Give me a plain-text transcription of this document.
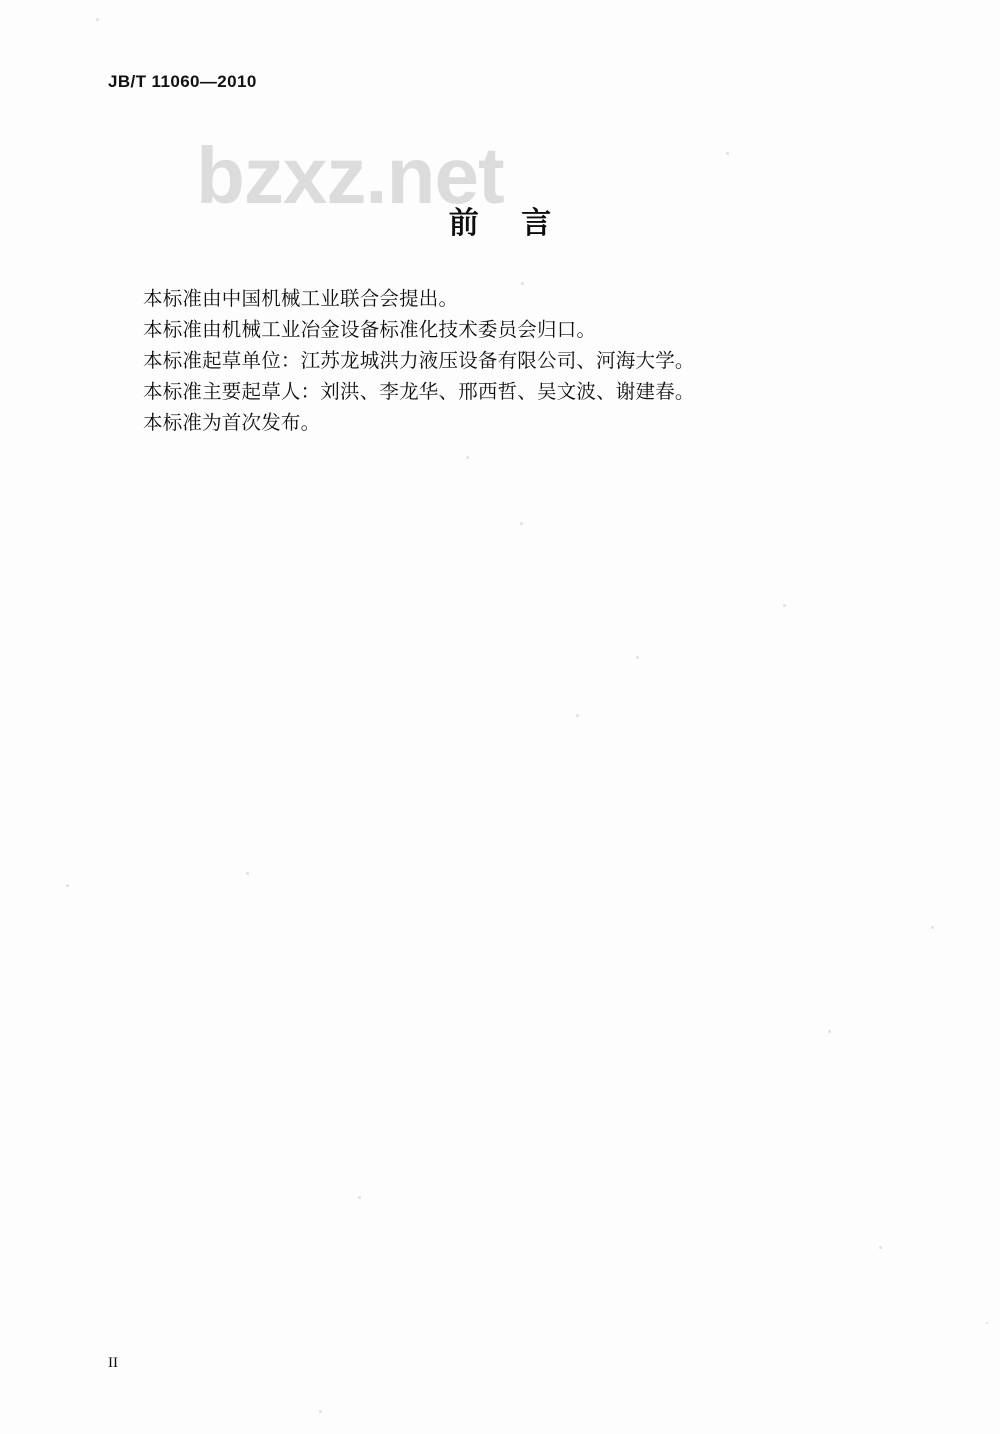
JB/T 11060—2010
bzxz.net
前 言
本标准由中国机械工业联合会提出。
本标准由机械工业冶金设备标准化技术委员会归口。
本标准起草单位：江苏龙城洪力液压设备有限公司、河海大学。
本标准主要起草人：刘洪、李龙华、邢西哲、吴文波、谢建春。
本标准为首次发布。
II
